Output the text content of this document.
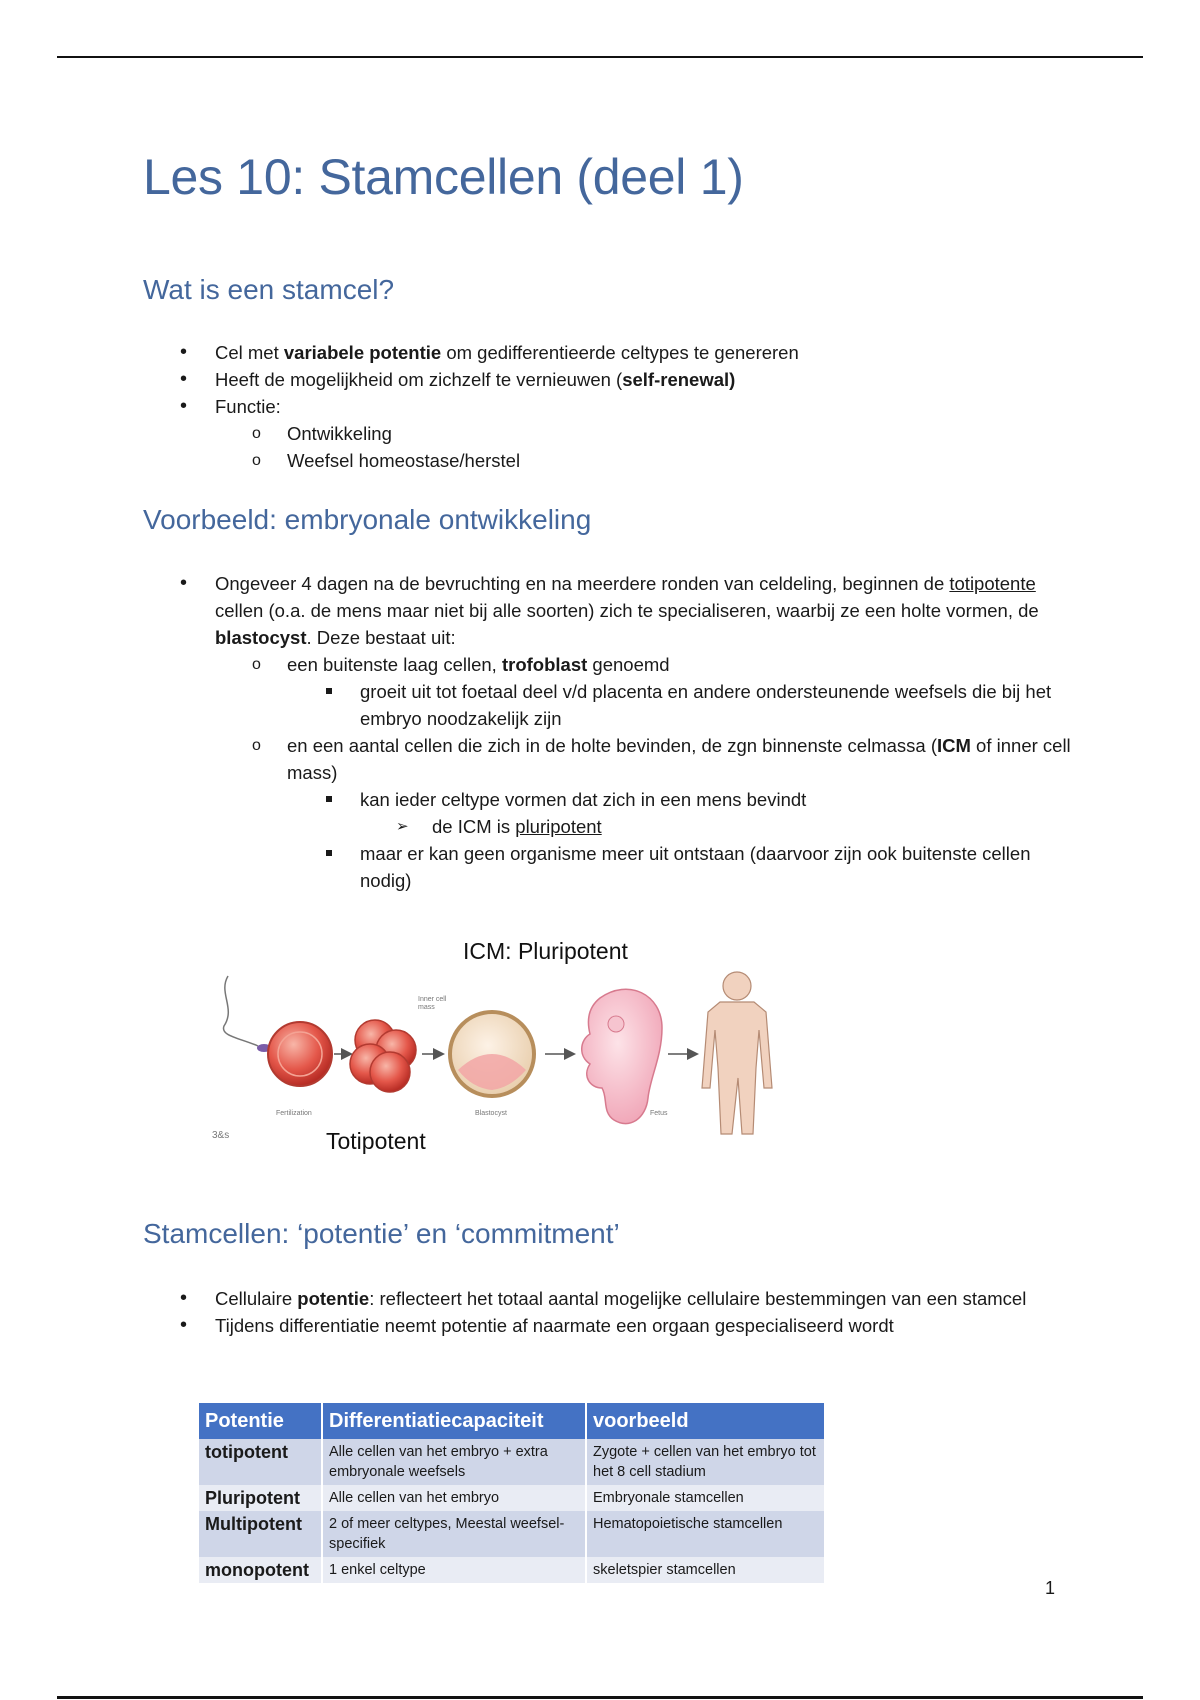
Les 10: Stamcellen (deel 1)
Wat is een stamcel?
• Cel met variabele potentie om gedifferentieerde celtypes te genereren
• Heeft de mogelijkheid om zichzelf te vernieuwen (self-renewal)
• Functie:
o Ontwikkeling
o Weefsel homeostase/herstel
Voorbeeld: embryonale ontwikkeling
• Ongeveer 4 dagen na de bevruchting en na meerdere ronden van celdeling, beginnen de totipotente cellen (o.a. de mens maar niet bij alle soorten) zich te specialiseren, waarbij ze een holte vormen, de blastocyst. Deze bestaat uit:
o een buitenste laag cellen, trofoblast genoemd
groeit uit tot foetaal deel v/d placenta en andere ondersteunende weefsels die bij het embryo noodzakelijk zijn
o en een aantal cellen die zich in de holte bevinden, de zgn binnenste celmassa (ICM of inner cell mass)
kan ieder celtype vormen dat zich in een mens bevindt
➢ de ICM is pluripotent
maar er kan geen organisme meer uit ontstaan (daarvoor zijn ook buitenste cellen nodig)
ICM: Pluripotent
Totipotent
Fertilization	Blastocyst	Fetus
Inner cell mass
3&s
Stamcellen: ‘potentie’ en ‘commitment’
• Cellulaire potentie: reflecteert het totaal aantal mogelijke cellulaire bestemmingen van een stamcel
• Tijdens differentiatie neemt potentie af naarmate een orgaan gespecialiseerd wordt
Potentie	Differentiatiecapaciteit	voorbeeld
totipotent	Alle cellen van het embryo + extra embryonale weefsels	Zygote + cellen van het embryo tot het 8 cell stadium
Pluripotent	Alle cellen van het embryo	Embryonale stamcellen
Multipotent	2 of meer celtypes, Meestal weefsel-specifiek	Hematopoietische stamcellen
monopotent	1 enkel celtype	skeletspier stamcellen
1
